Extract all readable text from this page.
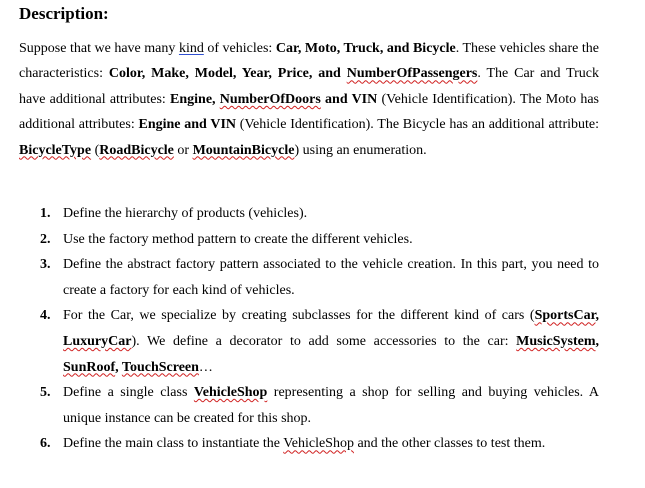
Description:
Suppose that we have many kind of vehicles: Car, Moto, Truck, and Bicycle. These vehicles share the characteristics: Color, Make, Model, Year, Price, and NumberOfPassengers. The Car and Truck have additional attributes: Engine, NumberOfDoors and VIN (Vehicle Identification). The Moto has additional attributes: Engine and VIN (Vehicle Identification). The Bicycle has an additional attribute: BicycleType (RoadBicycle or MountainBicycle) using an enumeration.
1. Define the hierarchy of products (vehicles).
2. Use the factory method pattern to create the different vehicles.
3. Define the abstract factory pattern associated to the vehicle creation. In this part, you need to create a factory for each kind of vehicles.
4. For the Car, we specialize by creating subclasses for the different kind of cars (SportsCar, LuxuryCar). We define a decorator to add some accessories to the car: MusicSystem, SunRoof, TouchScreen…
5. Define a single class VehicleShop representing a shop for selling and buying vehicles. A unique instance can be created for this shop.
6. Define the main class to instantiate the VehicleShop and the other classes to test them.
